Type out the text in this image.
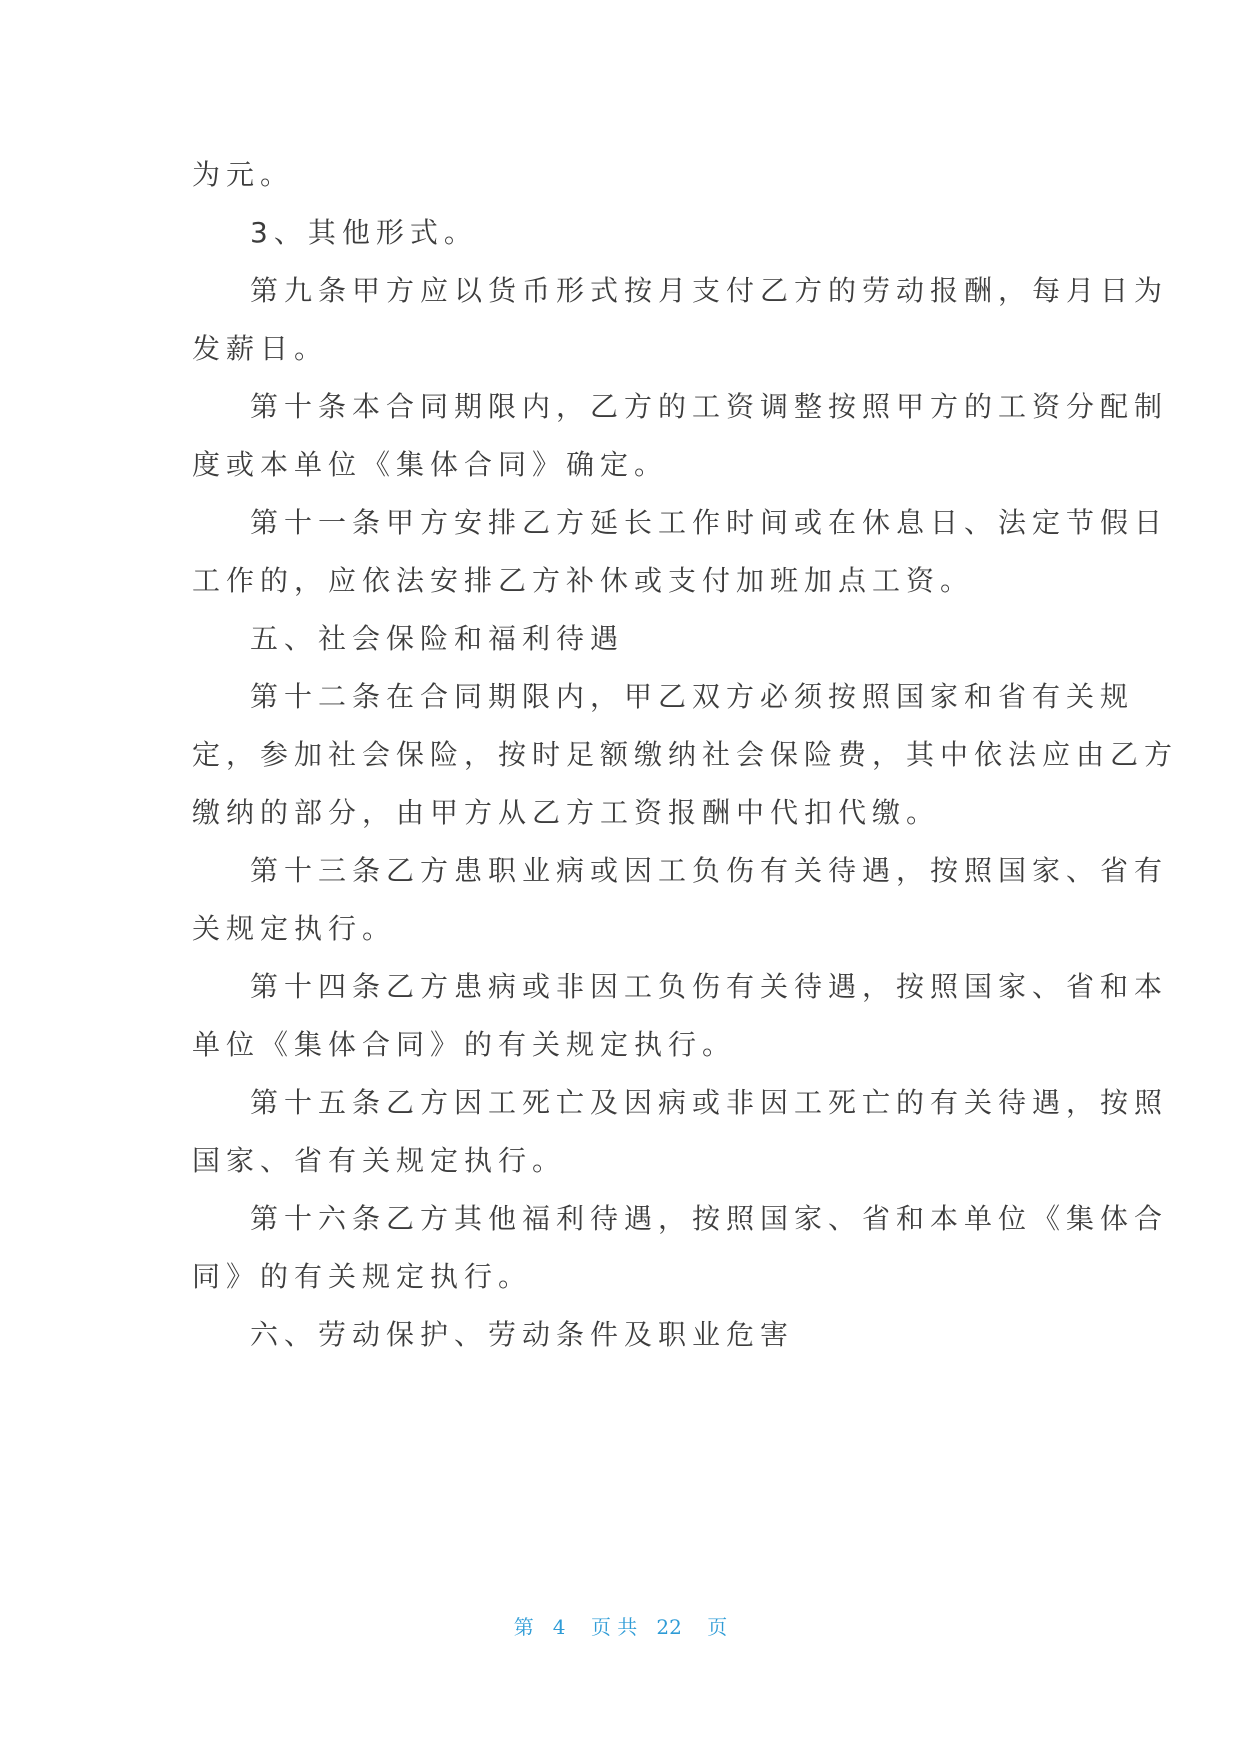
为元。
3、其他形式。
第九条甲方应以货币形式按月支付乙方的劳动报酬，每月日为
发薪日。
第十条本合同期限内，乙方的工资调整按照甲方的工资分配制
度或本单位《集体合同》确定。
第十一条甲方安排乙方延长工作时间或在休息日、法定节假日
工作的，应依法安排乙方补休或支付加班加点工资。
五、社会保险和福利待遇
第十二条在合同期限内，甲乙双方必须按照国家和省有关规
定，参加社会保险，按时足额缴纳社会保险费，其中依法应由乙方
缴纳的部分，由甲方从乙方工资报酬中代扣代缴。
第十三条乙方患职业病或因工负伤有关待遇，按照国家、省有
关规定执行。
第十四条乙方患病或非因工负伤有关待遇，按照国家、省和本
单位《集体合同》的有关规定执行。
第十五条乙方因工死亡及因病或非因工死亡的有关待遇，按照
国家、省有关规定执行。
第十六条乙方其他福利待遇，按照国家、省和本单位《集体合
同》的有关规定执行。
六、劳动保护、劳动条件及职业危害
第 4 页 共 22 页
